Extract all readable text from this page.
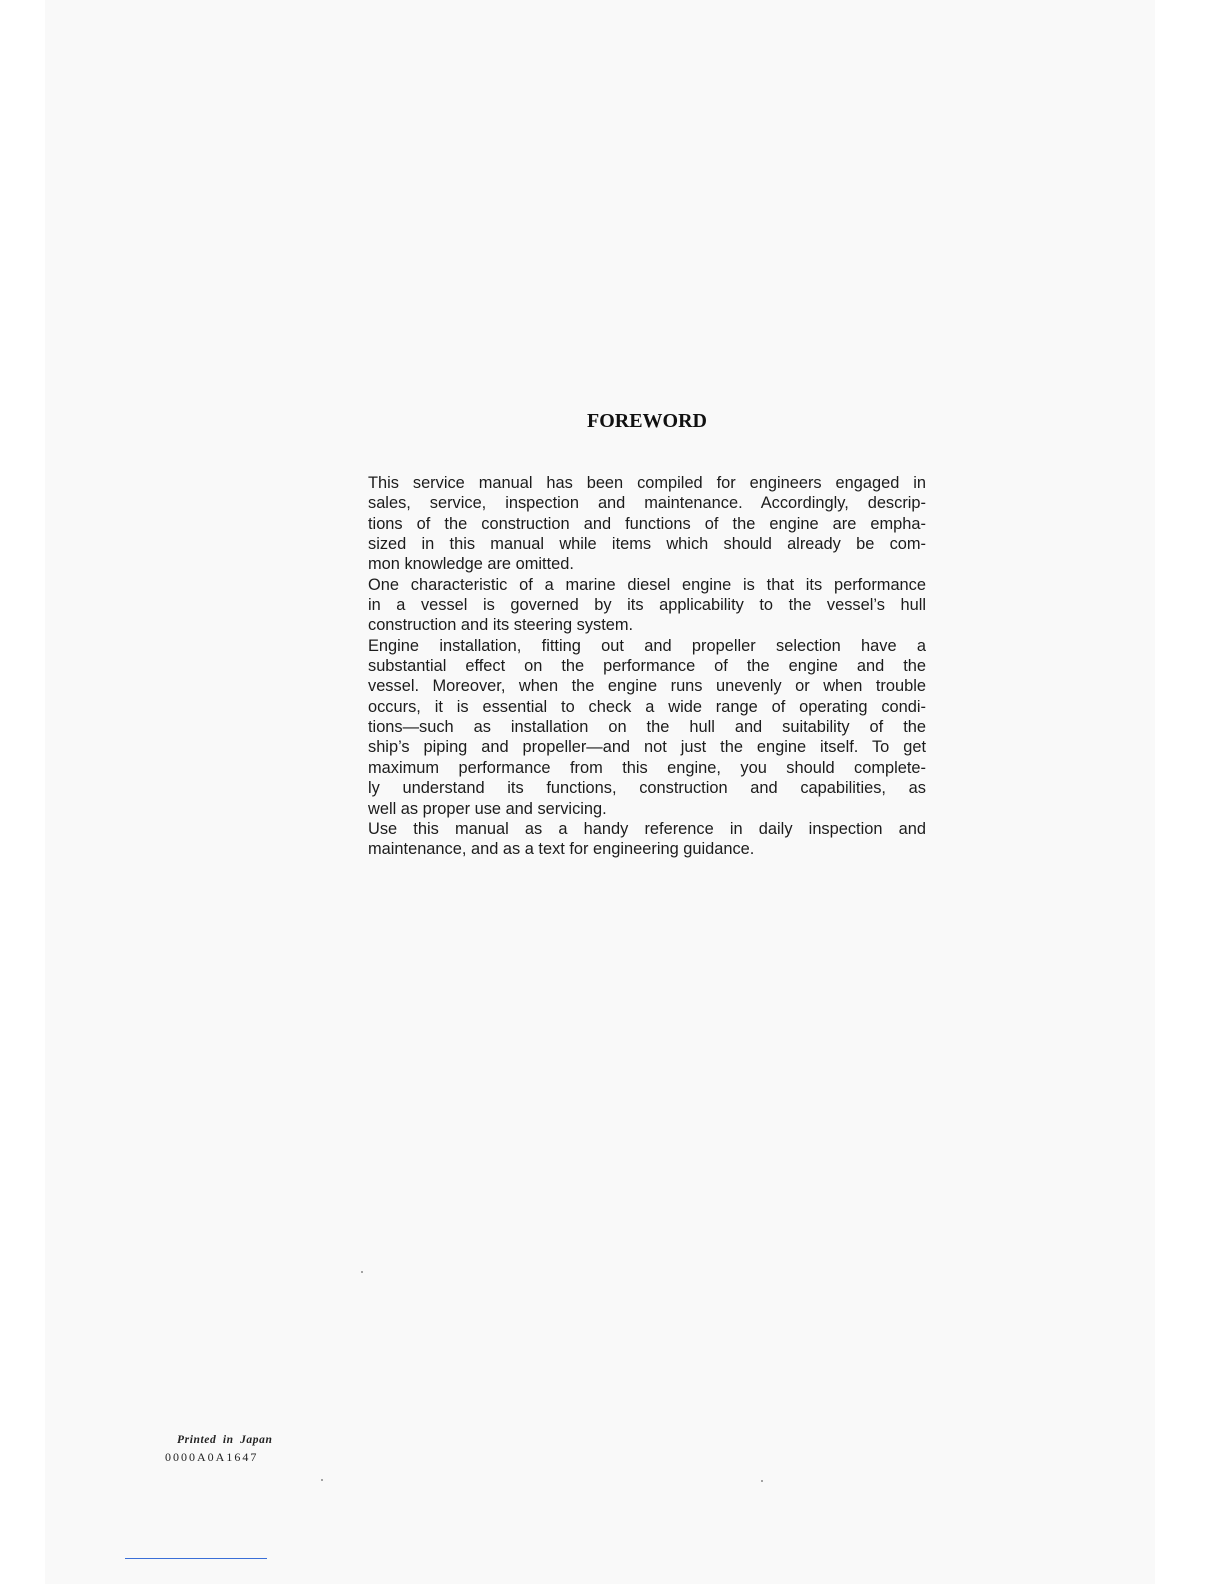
FOREWORD
This service manual has been compiled for engineers engaged in
sales, service, inspection and maintenance. Accordingly, descrip-
tions of the construction and functions of the engine are empha-
sized in this manual while items which should already be com-
mon knowledge are omitted.
One characteristic of a marine diesel engine is that its performance
in a vessel is governed by its applicability to the vessel’s hull
construction and its steering system.
Engine installation, fitting out and propeller selection have a
substantial effect on the performance of the engine and the
vessel. Moreover, when the engine runs unevenly or when trouble
occurs, it is essential to check a wide range of operating condi-
tions—such as installation on the hull and suitability of the
ship’s piping and propeller—and not just the engine itself. To get
maximum performance from this engine, you should complete-
ly understand its functions, construction and capabilities, as
well as proper use and servicing.
Use this manual as a handy reference in daily inspection and
maintenance, and as a text for engineering guidance.
Printed in Japan
0000A0A1647
